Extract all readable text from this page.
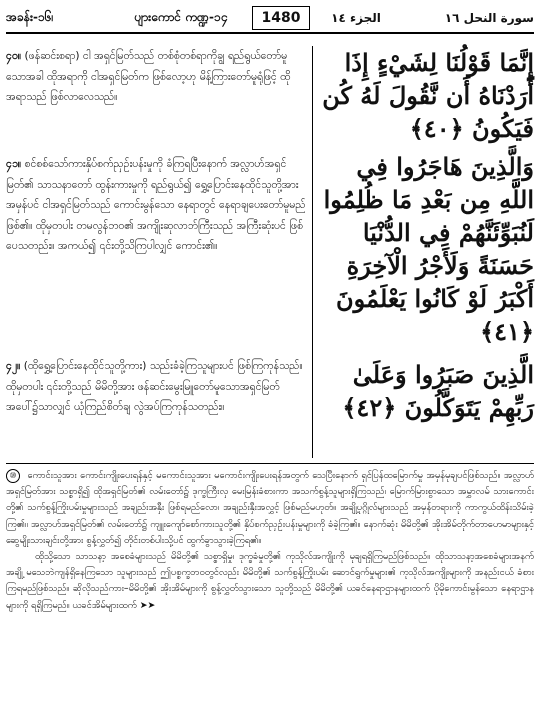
အခန်း-၁၆၊	ပျားကောင် ကဏ္ဍ-၁၄	1480	الجزء ١٤	سورة النحل ١٦
၄၀။ (ဖန်ဆင်းစရာ) ငါ အရှင်မြတ်သည် တစ်စုံတစ်ရာကိုချွ ရည်ရွယ်တော်မူသောအခါ ထိုအရာကို ငါအရှင်မြတ်က ဖြစ်လော့ဟု မိန့်ကြားတော်မူရုံဖြင့် ထိုအရာသည် ဖြစ်လာလေသည်။
إِنَّمَا قَوْلُنَا لِشَيْءٍ إِذَا أَرَدْنَاهُ أَن نَّقُولَ لَهُ كُن فَيَكُونُ ﴿٤٠﴾
၄၁။ စင်စစ်သော်ကားနှိပ်စက်ညှဉ်းပန်းမှုကို ခံကြရပြီးနောက် အလ္လာဟ်အရှင်မြတ်၏ သာသနာတော် ထွန်းကားမှုကို ရည်ရွယ်၍ ရွှေ့ပြောင်းနေထိုင်သူတို့အား အမှန်ပင် ငါအရှင်မြတ်သည် ကောင်းမွန်သော နေရာတွင် နေရာချပေးတော်မူမည်ဖြစ်၏။ ထိုမှတပါး တမလွန်ဘဝ၏ အကျိုးဆုလာဘ်ကြီးသည် အကြီးဆုံးပင် ဖြစ်ပေသတည်း။ အကယ်၍ ၎င်းတို့သိကြပါလျှင် ကောင်း၏။
وَالَّذِينَ هَاجَرُوا فِي اللَّهِ مِن بَعْدِ مَا ظُلِمُوا لَنُبَوِّئَنَّهُمْ فِي الدُّنْيَا حَسَنَةً وَلَأَجْرُ الْآخِرَةِ أَكْبَرُ لَوْ كَانُوا يَعْلَمُونَ ﴿٤١﴾
၄၂။ (ထိုရွှေ့ပြောင်းနေထိုင်သူတို့ကား) သည်းခံခဲ့ကြသူများပင် ဖြစ်ကြကုန်သည်။ ထိုမှတပါး ၎င်းတို့သည် မိမိတို့အား ဖန်ဆင်းမွေးမြူတော်မူသောအရှင်မြတ် အပေါ်၌သာလျှင် ယုံကြည်စိတ်ချ လွဲအပ်ကြကုန်သတည်း။
الَّذِينَ صَبَرُوا وَعَلَىٰ رَبِّهِمْ يَتَوَكَّلُونَ ﴿٤٢﴾
⑩ ကောင်းသူအား ကောင်းကျိုးပေးရန်နှင့် မကောင်းသူအား မကောင်းကျိုးပေးရန်အတွက် သေပြီးနောက် ရှင်ပြန်ထမြောက်မှု အမှန်မုချပင်ဖြစ်သည်။ အလ္လာဟ်အရှင်မြတ်အား သစ္စာရှိ၍ ထိုအရှင်မြတ်၏ လမ်းတော်၌ ဒုက္ခကြီးလှ မေးမြန်းခံစားကာ အသက်စွန့်သူများရှိကြသည်၊ မြောက်မြားစွာသော အမွှာလမ် သားကောင်းတို့၏ သက်စွန့်ကြိုးပမ်းမှုများသည် အချည်းအနှီး ဖြစ်ရမည်လော၊ အချည်းနှီးအလွှင့် ဖြစ်မည်မဟုတ်။ အချို့ပုဂ္ဂိုလ်များသည် အမှန်တရားကို ကာကွယ်ထိန်းသိမ်းခဲ့ကြ၏။ အလ္လာဟ်အရှင်မြတ်၏ လမ်းတော်၌ ကျူးကျော်စော်ကားသူတို့၏ နှိပ်စက်ညှဉ်းပန်းမှုများကို ခံခဲ့ကြ၏။ နောက်ဆုံး မိမိတို့၏ အိုးအိမ်တိုက်တာဟေမာများနှင့် ဆွေမျိုးသားချင်းတို့အား စွန့်လွှတ်၍ တိုင်းတစ်ပါးသို့ပင် ထွက်ခွာသွားခဲ့ကြရ၏။
ထိုသို့သော သာသနာ့ အစေခံများသည် မိမိတို့၏ သစ္စာရှိမှု၊ ဒုက္ခခံမှုတို့၏ ကုသိုလ်အကျိုးကို မုချရရှိကြမည်ဖြစ်သည်။ ထိုသာသနာ့အစေခံများအနက် အချို့ မသေဘဲကျန်ရှိနေကြသော သူများသည် ဤပစ္စက္ခဘဝတွင်လည်း မိမိတို့၏ သက်စွန့်ကြိုးပမ်း ဆောင်ရွက်မှုများ၏ ကုသိုလ်အကျိုးများကို အနည်းငယ် ခံစားကြရမည်ဖြစ်သည်။ ဆိုလိုသည်ကား–မိမိတို့၏ အိုးအိမ်များကို စွန့်လွှတ်သွားသော သူတို့သည် မိမိတို့၏ ယခင်နေရာဌာနများထက် ပိုမိုကောင်းမွန်သော နေရာဌာနများကို ရရှိကြမည်။ ယခင်အိမ်များထက် ➤➤
